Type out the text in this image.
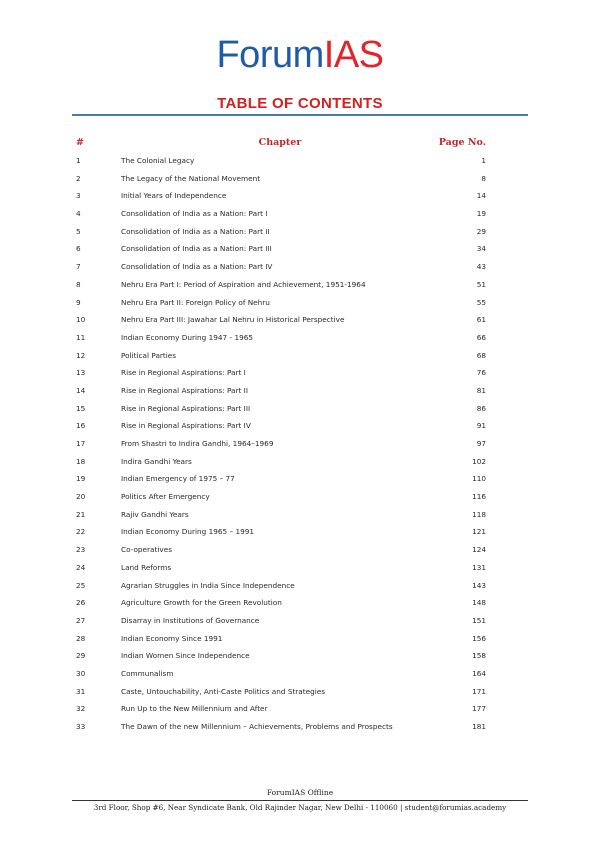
ForumIAS
TABLE OF CONTENTS
#	Chapter	Page No.
1	The Colonial Legacy	1
2	The Legacy of the National Movement	8
3	Initial Years of Independence	14
4	Consolidation of India as a Nation: Part I	19
5	Consolidation of India as a Nation: Part II	29
6	Consolidation of India as a Nation: Part III	34
7	Consolidation of India as a Nation: Part IV	43
8	Nehru Era Part I: Period of Aspiration and Achievement, 1951-1964	51
9	Nehru Era Part II: Foreign Policy of Nehru	55
10	Nehru Era Part III: Jawahar Lal Nehru in Historical Perspective	61
11	Indian Economy During 1947 - 1965	66
12	Political Parties	68
13	Rise in Regional Aspirations: Part I	76
14	Rise in Regional Aspirations: Part II	81
15	Rise in Regional Aspirations: Part III	86
16	Rise in Regional Aspirations: Part IV	91
17	From Shastri to Indira Gandhi, 1964–1969	97
18	Indira Gandhi Years	102
19	Indian Emergency of 1975 – 77	110
20	Politics After Emergency	116
21	Rajiv Gandhi Years	118
22	Indian Economy During 1965 – 1991	121
23	Co-operatives	124
24	Land Reforms	131
25	Agrarian Struggles in India Since Independence	143
26	Agriculture Growth for the Green Revolution	148
27	Disarray in Institutions of Governance	151
28	Indian Economy Since 1991	156
29	Indian Women Since Independence	158
30	Communalism	164
31	Caste, Untouchability, Anti-Caste Politics and Strategies	171
32	Run Up to the New Millennium and After	177
33	The Dawn of the new Millennium – Achievements, Problems and Prospects	181
ForumIAS Offline
3rd Floor, Shop #6, Near Syndicate Bank, Old Rajinder Nagar, New Delhi - 110060 | student@forumias.academy
